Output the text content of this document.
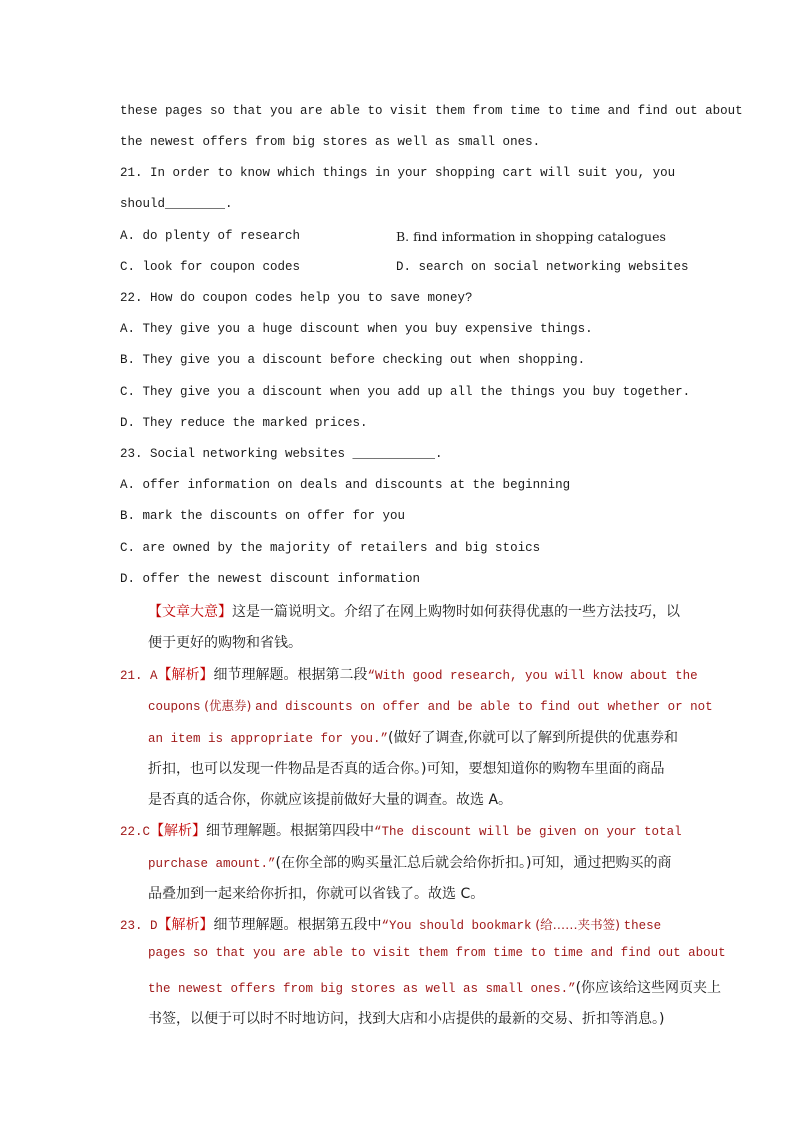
these pages so that you are able to visit them from time to time and find out about
the newest offers from big stores as well as small ones.
21. In order to know which things in your shopping cart will suit you, you
should________.
A. do plenty of research	B. find information in shopping catalogues
C. look for coupon codes	D. search on social networking websites
22. How do coupon codes help you to save money?
A. They give you a huge discount when you buy expensive things.
B. They give you a discount before checking out when shopping.
C. They give you a discount when you add up all the things you buy together.
D. They reduce the marked prices.
23. Social networking websites ___________.
A. offer information on deals and discounts at the beginning
B. mark the discounts on offer for you
C. are owned by the majority of retailers and big stoics
D. offer the newest discount information
【文章大意】这是一篇说明文。介绍了在网上购物时如何获得优惠的一些方法技巧，以
便于更好的购物和省钱。
21. A【解析】细节理解题。根据第二段“With good research, you will know about the
coupons (优惠券) and discounts on offer and be able to find out whether or not
an item is appropriate for you.”(做好了调查,你就可以了解到所提供的优惠券和
折扣，也可以发现一件物品是否真的适合你。)可知，要想知道你的购物车里面的商品
是否真的适合你，你就应该提前做好大量的调查。故选 A。
22.C【解析】细节理解题。根据第四段中“The discount will be given on your total
purchase amount.”(在你全部的购买量汇总后就会给你折扣。)可知，通过把购买的商
品叠加到一起来给你折扣，你就可以省钱了。故选 C。
23. D【解析】细节理解题。根据第五段中“You should bookmark (给……夹书签) these
pages so that you are able to visit them from time to time and find out about
the newest offers from big stores as well as small ones.”(你应该给这些网页夹上
书签，以便于可以时不时地访问，找到大店和小店提供的最新的交易、折扣等消息。)
